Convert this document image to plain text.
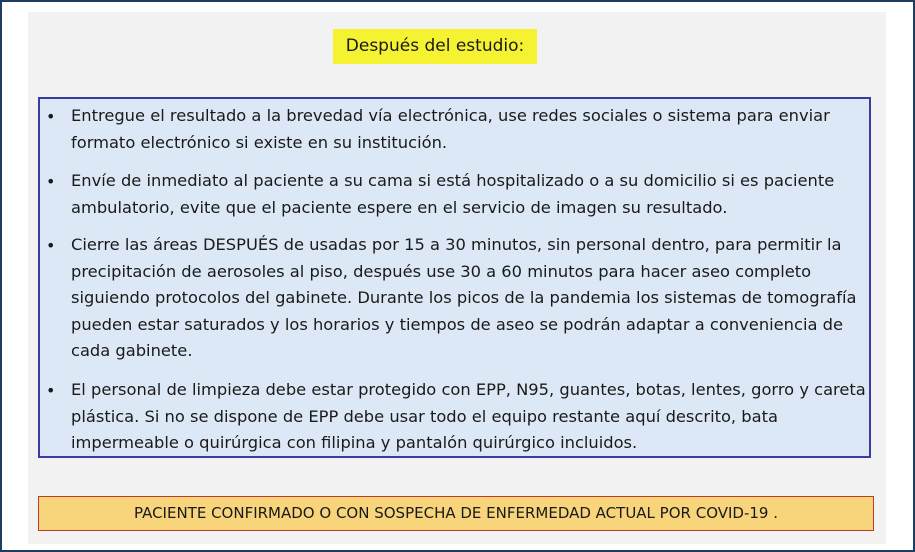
Después del estudio:
• Entregue el resultado a la brevedad vía electrónica, use redes sociales o sistema para enviar formato electrónico si existe en su institución.

• Envíe de inmediato al paciente a su cama si está hospitalizado o a su domicilio si es paciente ambulatorio, evite que el paciente espere en el servicio de imagen su resultado.

• Cierre las áreas DESPUÉS de usadas por 15 a 30 minutos, sin personal dentro, para permitir la precipitación de aerosoles al piso, después use 30 a 60 minutos para hacer aseo completo siguiendo protocolos del gabinete. Durante los picos de la pandemia los sistemas de tomografía pueden estar saturados y los horarios y tiempos de aseo se podrán adaptar a conveniencia de cada gabinete.

• El personal de limpieza debe estar protegido con EPP, N95, guantes, botas, lentes, gorro y careta plástica. Si no se dispone de EPP debe usar todo el equipo restante aquí descrito, bata impermeable o quirúrgica con filipina y pantalón quirúrgico incluidos.

PACIENTE CONFIRMADO O CON SOSPECHA DE ENFERMEDAD ACTUAL POR COVID-19 .
